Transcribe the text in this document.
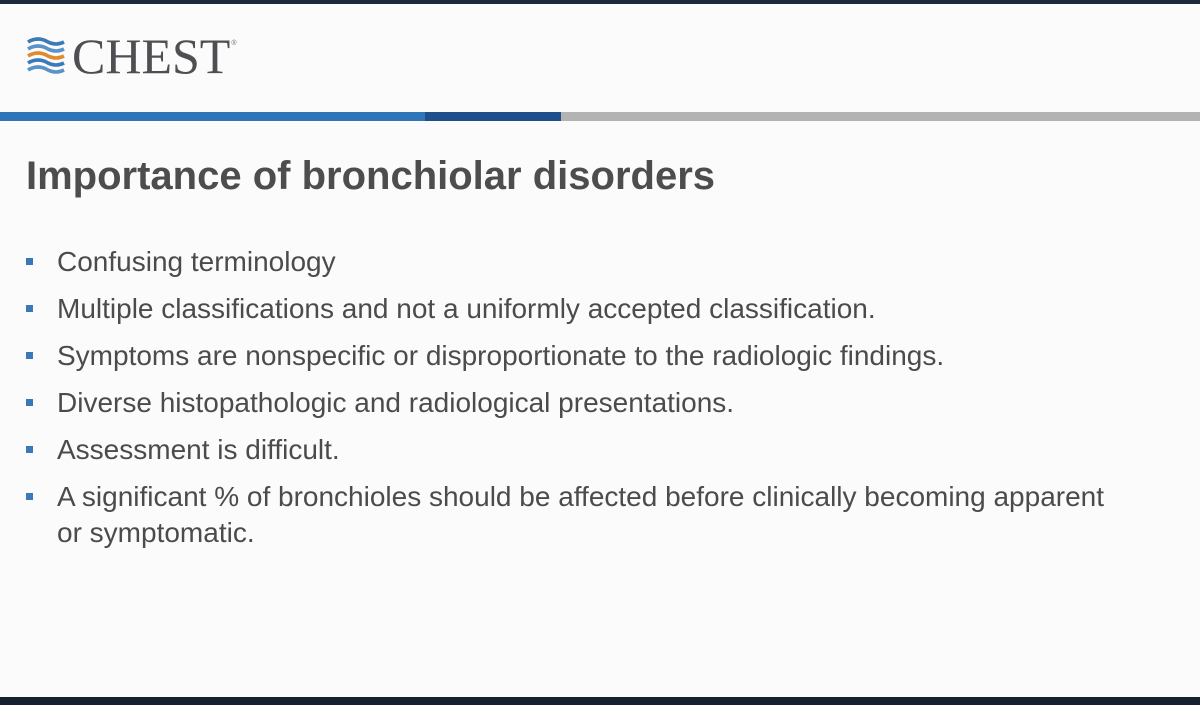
CHEST ®
Importance of bronchiolar disorders
Confusing terminology
Multiple classifications and not a uniformly accepted classification.
Symptoms are nonspecific or disproportionate to the radiologic findings.
Diverse histopathologic and radiological presentations.
Assessment is difficult.
A significant % of bronchioles should be affected before clinically becoming apparent or symptomatic.
